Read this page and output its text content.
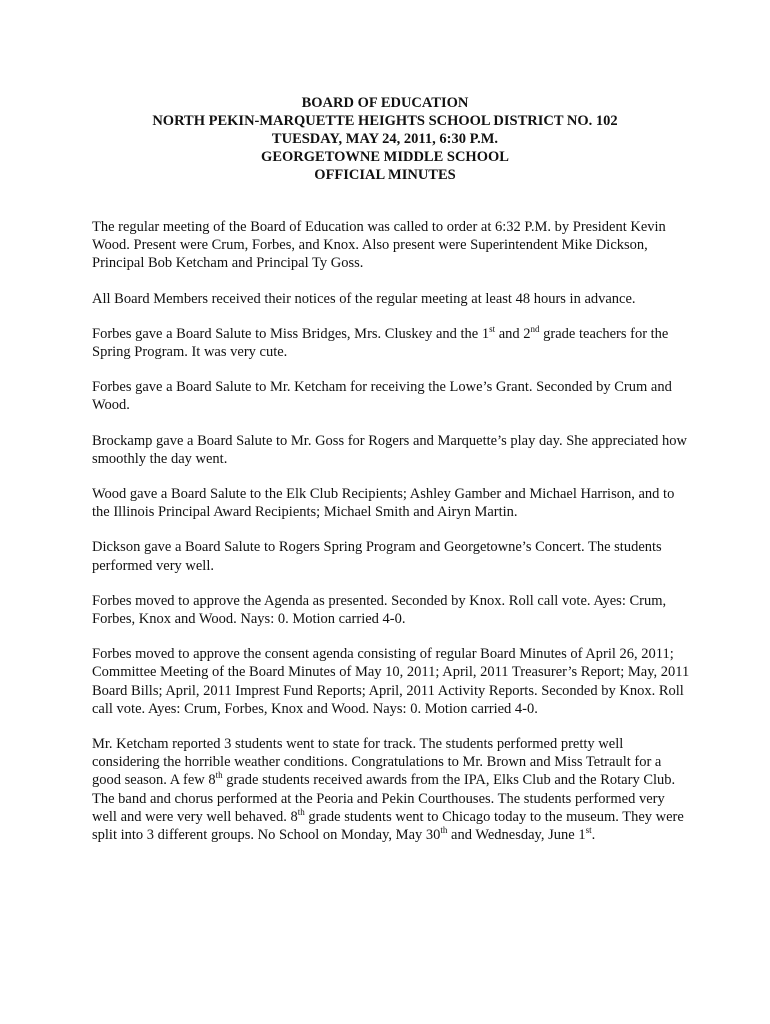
BOARD OF EDUCATION
NORTH PEKIN-MARQUETTE HEIGHTS SCHOOL DISTRICT NO. 102
TUESDAY, MAY 24, 2011, 6:30 P.M.
GEORGETOWNE MIDDLE SCHOOL
OFFICIAL MINUTES

The regular meeting of the Board of Education was called to order at 6:32 P.M. by President Kevin Wood. Present were Crum, Forbes, and Knox. Also present were Superintendent Mike Dickson, Principal Bob Ketcham and Principal Ty Goss.

All Board Members received their notices of the regular meeting at least 48 hours in advance.

Forbes gave a Board Salute to Miss Bridges, Mrs. Cluskey and the 1st and 2nd grade teachers for the Spring Program. It was very cute.

Forbes gave a Board Salute to Mr. Ketcham for receiving the Lowe’s Grant. Seconded by Crum and Wood.

Brockamp gave a Board Salute to Mr. Goss for Rogers and Marquette’s play day. She appreciated how smoothly the day went.

Wood gave a Board Salute to the Elk Club Recipients; Ashley Gamber and Michael Harrison, and to the Illinois Principal Award Recipients; Michael Smith and Airyn Martin.

Dickson gave a Board Salute to Rogers Spring Program and Georgetowne’s Concert. The students performed very well.

Forbes moved to approve the Agenda as presented. Seconded by Knox. Roll call vote. Ayes: Crum, Forbes, Knox and Wood. Nays: 0. Motion carried 4-0.

Forbes moved to approve the consent agenda consisting of regular Board Minutes of April 26, 2011; Committee Meeting of the Board Minutes of May 10, 2011; April, 2011 Treasurer’s Report; May, 2011 Board Bills; April, 2011 Imprest Fund Reports; April, 2011 Activity Reports. Seconded by Knox. Roll call vote. Ayes: Crum, Forbes, Knox and Wood. Nays: 0. Motion carried 4-0.

Mr. Ketcham reported 3 students went to state for track. The students performed pretty well considering the horrible weather conditions. Congratulations to Mr. Brown and Miss Tetrault for a good season. A few 8th grade students received awards from the IPA, Elks Club and the Rotary Club. The band and chorus performed at the Peoria and Pekin Courthouses. The students performed very well and were very well behaved. 8th grade students went to Chicago today to the museum. They were split into 3 different groups. No School on Monday, May 30th and Wednesday, June 1st.
